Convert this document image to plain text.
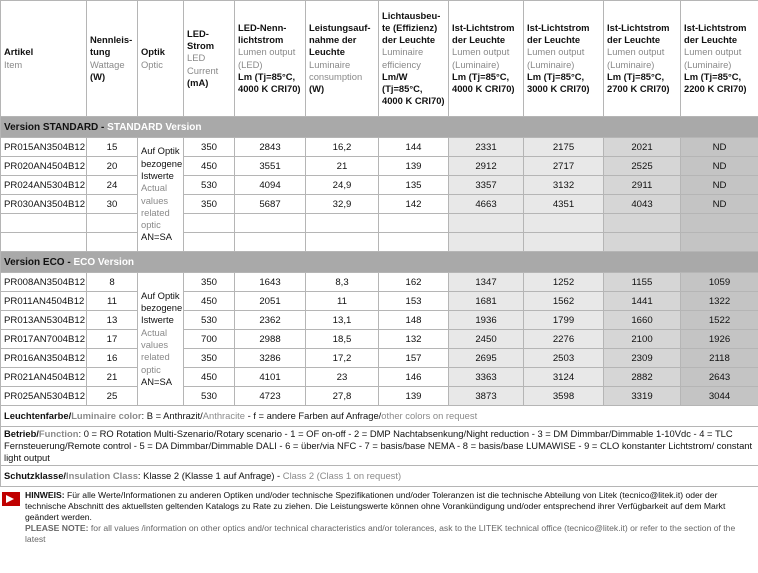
Artikel
Item	Nennleis-tung
Wattage
(W)	Optik
Optic	LED-Strom
LED Current
(mA)	LED-Nenn-lichtstrom
Lumen output (LED)
Lm (Tj=85°C, 4000 K CRI70)	Leistungsauf-nahme der Leuchte
Luminaire consumption
(W)	Lichtausbeu-te (Effizienz) der Leuchte
Luminaire efficiency
Lm/W (Tj=85°C, 4000 K CRI70)	Ist-Lichtstrom der Leuchte
Lumen output (Luminaire)
Lm (Tj=85°C, 4000 K CRI70)	Ist-Lichtstrom der Leuchte
Lumen output (Luminaire)
Lm (Tj=85°C, 3000 K CRI70)	Ist-Lichtstrom der Leuchte
Lumen output (Luminaire)
Lm (Tj=85°C, 2700 K CRI70)	Ist-Lichtstrom der Leuchte
Lumen output (Luminaire)
Lm (Tj=85°C, 2200 K CRI70)

Version STANDARD - STANDARD Version										
PR015AN3504B12	15	Auf Optik bezogene Istwerte Actual values related optic AN=SA	350	2843	16,2	144	2331	2175	2021	ND
PR020AN4504B12	20		450	3551	21	139	2912	2717	2525	ND
PR024AN5304B12	24		530	4094	24,9	135	3357	3132	2911	ND
PR030AN3504B12	30		350	5687	32,9	142	4663	4351	4043	ND

Version ECO - ECO Version										
PR008AN3504B12	8	Auf Optik bezogene Istwerte Actual values related optic AN=SA	350	1643	8,3	162	1347	1252	1155	1059
PR011AN4504B12	11		450	2051	11	153	1681	1562	1441	1322
PR013AN5304B12	13		530	2362	13,1	148	1936	1799	1660	1522
PR017AN7004B12	17		700	2988	18,5	132	2450	2276	2100	1926
PR016AN3504B12	16		350	3286	17,2	157	2695	2503	2309	2118
PR021AN4504B12	21		450	4101	23	146	3363	3124	2882	2643
PR025AN5304B12	25		530	4723	27,8	139	3873	3598	3319	3044
Leuchtenfarbe/Luminaire color: B = Anthrazit/Anthracite - f = andere Farben auf Anfrage/other colors on request										
Betrieb/Function: 0 = RO Rotation Multi-Szenario/Rotary scenario - 1 = OF on-off - 2 = DMP Nachtabsenkung/Night reduction - 3 = DM Dimmbar/Dimmable 1-10Vdc - 4 = TLC Fernsteuerung/Remote control - 5 = DA Dimmbar/Dimmable DALI - 6 = über/via NFC - 7 = basis/base NEMA - 8 = basis/base LUMAWISE - 9 = CLO konstanter Lichtstrom/ constant light output										
Schutzklasse/Insulation Class: Klasse 2 (Klasse 1 auf Anfrage) - Class 2 (Class 1 on request)										
HINWEIS: Für alle Werte/Informationen zu anderen Optiken und/oder technische Spezifikationen und/oder Toleranzen ist die technische Abteilung von Litek (tecnico@litek.it) oder der technische Abschnitt des aktuellsten geltenden Katalogs zu Rate zu ziehen. Die Leistungswerte können ohne Vorankündigung und/oder entsprechend ihrer Verfügbarkeit auf dem Markt geändert werden.
PLEASE NOTE: for all values /information on other optics and/or technical characteristics and/or tolerances, ask to the LITEK technical office (tecnico@litek.it) or refer to the section of the latest
